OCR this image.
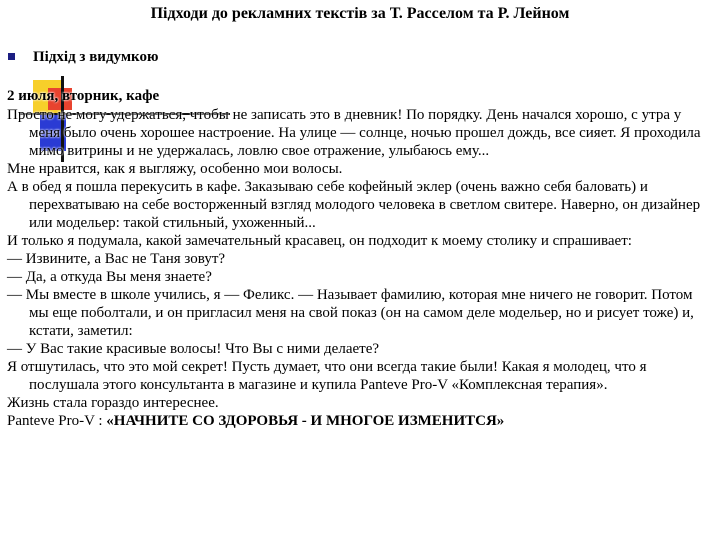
Підходи до рекламних текстів за Т. Расселом та Р. Лейном
Підхід з видумкою

2 июля, вторник, кафе

Просто не могу удержаться, чтобы не записать это в дневник! По порядку. День начался хорошо, с утра у меня было очень хорошее настроение. На улице — солнце, ночью прошел дождь, все сияет. Я проходила мимо витрины и не удержалась, ловлю свое отражение, улыбаюсь ему...

Мне нравится, как я выгляжу, особенно мои волосы.

А в обед я пошла перекусить в кафе. Заказываю себе кофейный эклер (очень важно себя баловать) и перехватываю на себе восторженный взгляд молодого человека в светлом свитере. Наверно, он дизайнер или модельер: такой стильный, ухоженный...

И только я подумала, какой замечательный красавец, он подходит к моему столику и спрашивает:

— Извините, а Вас не Таня зовут?

— Да, а откуда Вы меня знаете?

— Мы вместе в школе учились, я — Феликс. — Называет фамилию, которая мне ничего не говорит. Потом мы еще поболтали, и он пригласил меня на свой показ (он на самом деле модельер, но и рисует тоже) и, кстати, заметил:

— У Вас такие красивые волосы! Что Вы с ними делаете?

Я отшутилась, что это мой секрет! Пусть думает, что они всегда такие были! Какая я молодец, что я послушала этого консультанта в магазине и купила Panteve Pro-V «Комплексная терапия».

Жизнь стала гораздо интереснее.

Panteve Pro-V : «НАЧНИТЕ СО ЗДОРОВЬЯ - И МНОГОЕ ИЗМЕНИТСЯ»
